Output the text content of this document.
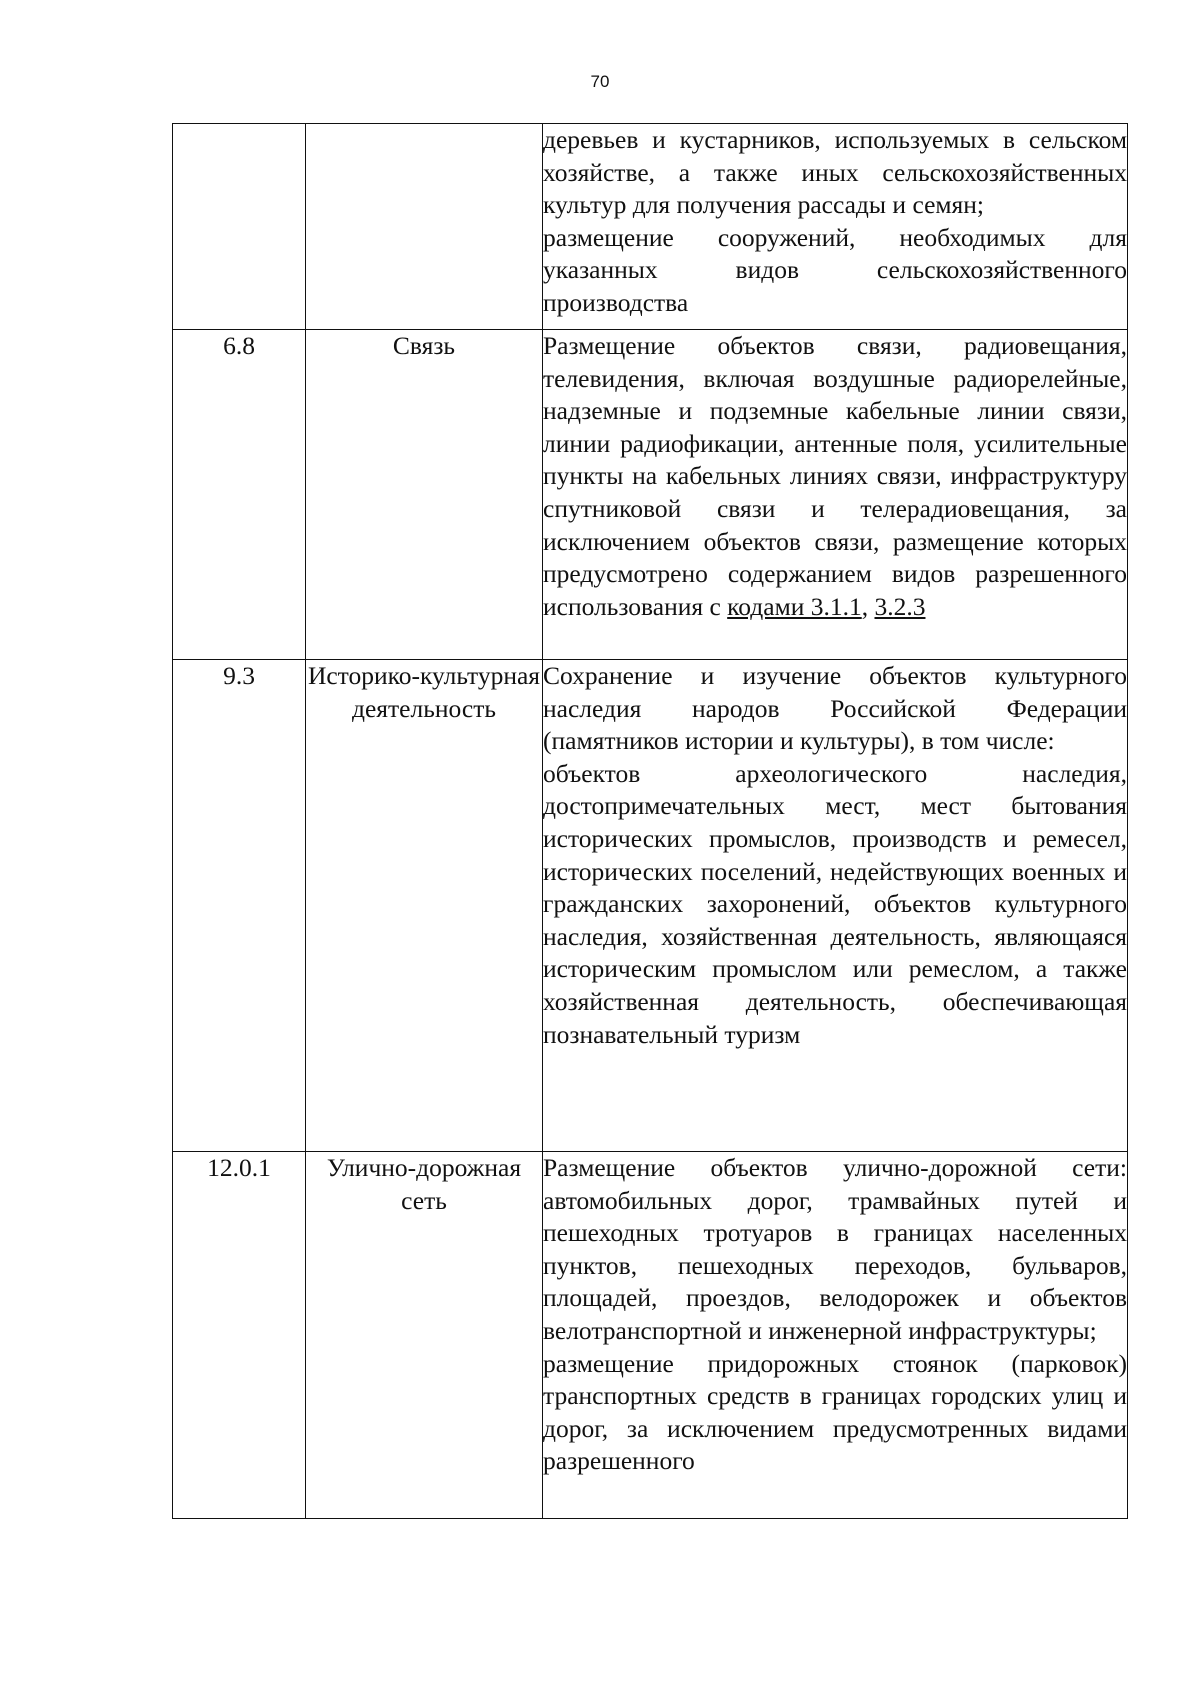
70

		деревьев и кустарников, используемых в сельском хозяйстве, а также иных сельскохозяйственных культур для получения рассады и семян;

размещение сооружений, необходимых для указанных видов сельскохозяйственного производства

6.8	Связь	Размещение объектов связи, радиовещания, телевидения, включая воздушные радиорелейные, надземные и подземные кабельные линии связи, линии радиофикации, антенные поля, усилительные пункты на кабельных линиях связи, инфраструктуру спутниковой связи и телерадиовещания, за исключением объектов связи, размещение которых предусмотрено содержанием видов разрешенного использования с кодами 3.1.1, 3.2.3

9.3	Историко-культурная деятельность	Сохранение и изучение объектов культурного наследия народов Российской Федерации (памятников истории и культуры), в том числе:

объектов археологического наследия, достопримечательных мест, мест бытования исторических промыслов, производств и ремесел, исторических поселений, недействующих военных и гражданских захоронений, объектов культурного наследия, хозяйственная деятельность, являющаяся историческим промыслом или ремеслом, а также хозяйственная деятельность, обеспечивающая познавательный туризм

12.0.1	Улично-дорожная сеть	Размещение объектов улично-дорожной сети: автомобильных дорог, трамвайных путей и пешеходных тротуаров в границах населенных пунктов, пешеходных переходов, бульваров, площадей, проездов, велодорожек и объектов велотранспортной и инженерной инфраструктуры;

размещение придорожных стоянок (парковок) транспортных средств в границах городских улиц и дорог, за исключением предусмотренных видами разрешенного
